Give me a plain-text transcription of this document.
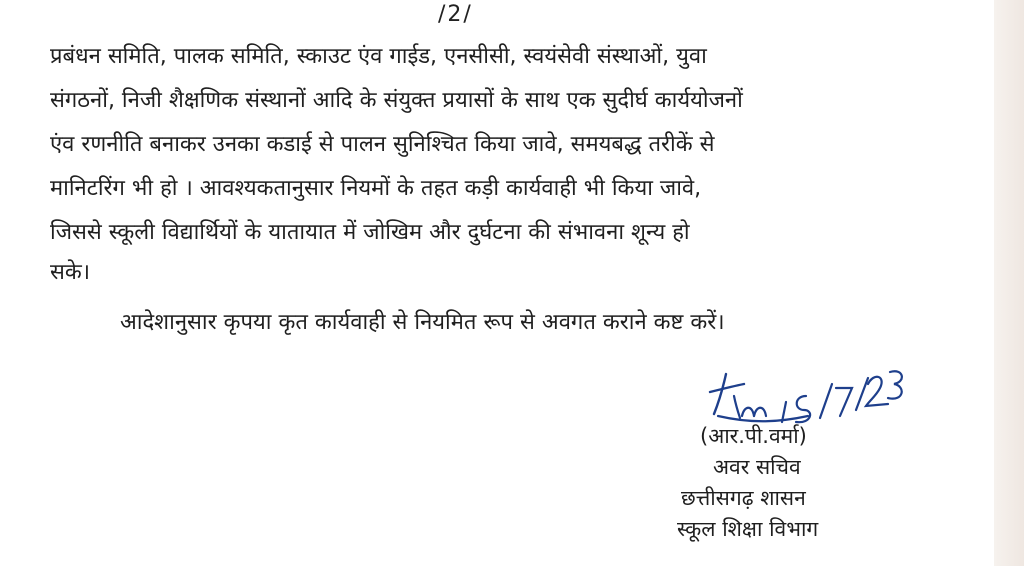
/2/
प्रबंधन समिति, पालक समिति, स्काउट एंव गाईड, एनसीसी, स्वयंसेवी संस्थाओं, युवा
संगठनों, निजी शैक्षणिक संस्थानों आदि के संयुक्त प्रयासों के साथ एक सुदीर्घ कार्ययोजनों
एंव रणनीति बनाकर उनका कडाई से पालन सुनिश्चित किया जावे, समयबद्ध तरीकें से
मानिटरिंग भी हो । आवश्यकतानुसार नियमों के तहत कड़ी कार्यवाही भी किया जावे,
जिससे स्कूली विद्यार्थियों के यातायात में जोखिम और दुर्घटना की संभावना शून्य हो
सके।
आदेशानुसार कृपया कृत कार्यवाही से नियमित रूप से अवगत कराने कष्ट करें।
(आर.पी.वर्मा)
अवर सचिव
छत्तीसगढ़ शासन
स्कूल शिक्षा विभाग
